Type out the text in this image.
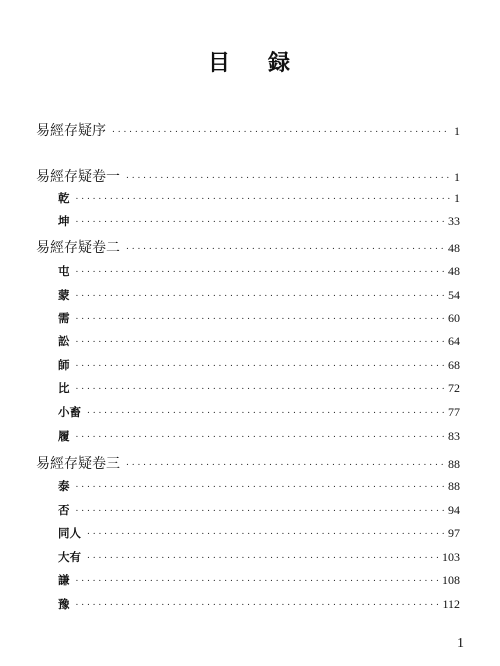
目 録
易經存疑序 . . .	1
易經存疑卷一 . . .	1
乾 . . .	1
坤 . . .	33
易經存疑卷二 . . .	48
屯 . . .	48
蒙 . . .	54
需 . . .	60
訟 . . .	64
師 . . .	68
比 . . .	72
小畜 . . .	77
履 . . .	83
易經存疑卷三 . . .	88
泰 . . .	88
否 . . .	94
同人 . . .	97
大有 . . .	103
謙 . . .	108
豫 . . .	112
1
